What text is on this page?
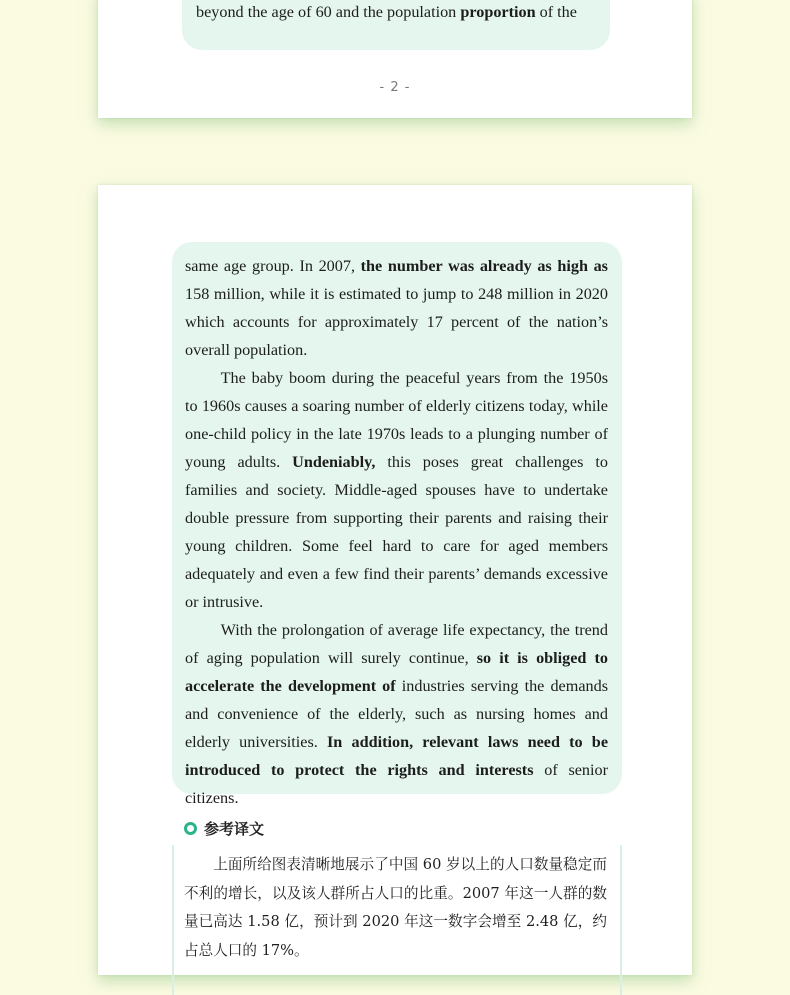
beyond the age of 60 and the population proportion of the

- 2 -

same age group. In 2007, the number was already as high as 158 million, while it is estimated to jump to 248 million in 2020 which accounts for approximately 17 percent of the nation’s overall population.

The baby boom during the peaceful years from the 1950s to 1960s causes a soaring number of elderly citizens today, while one-child policy in the late 1970s leads to a plunging number of young adults. Undeniably, this poses great challenges to families and society. Middle-aged spouses have to undertake double pressure from supporting their parents and raising their young children. Some feel hard to care for aged members adequately and even a few find their parents’ demands excessive or intrusive.

With the prolongation of average life expectancy, the trend of aging population will surely continue, so it is obliged to accelerate the development of industries serving the demands and convenience of the elderly, such as nursing homes and elderly universities. In addition, relevant laws need to be introduced to protect the rights and interests of senior citizens.

参考译文
上面所给图表清晰地展示了中国 60 岁以上的人口数量稳定而不利的增长，以及该人群所占人口的比重。2007 年这一人群的数量已高达 1.58 亿，预计到 2020 年这一数字会增至 2.48 亿，约占总人口的 17%。
